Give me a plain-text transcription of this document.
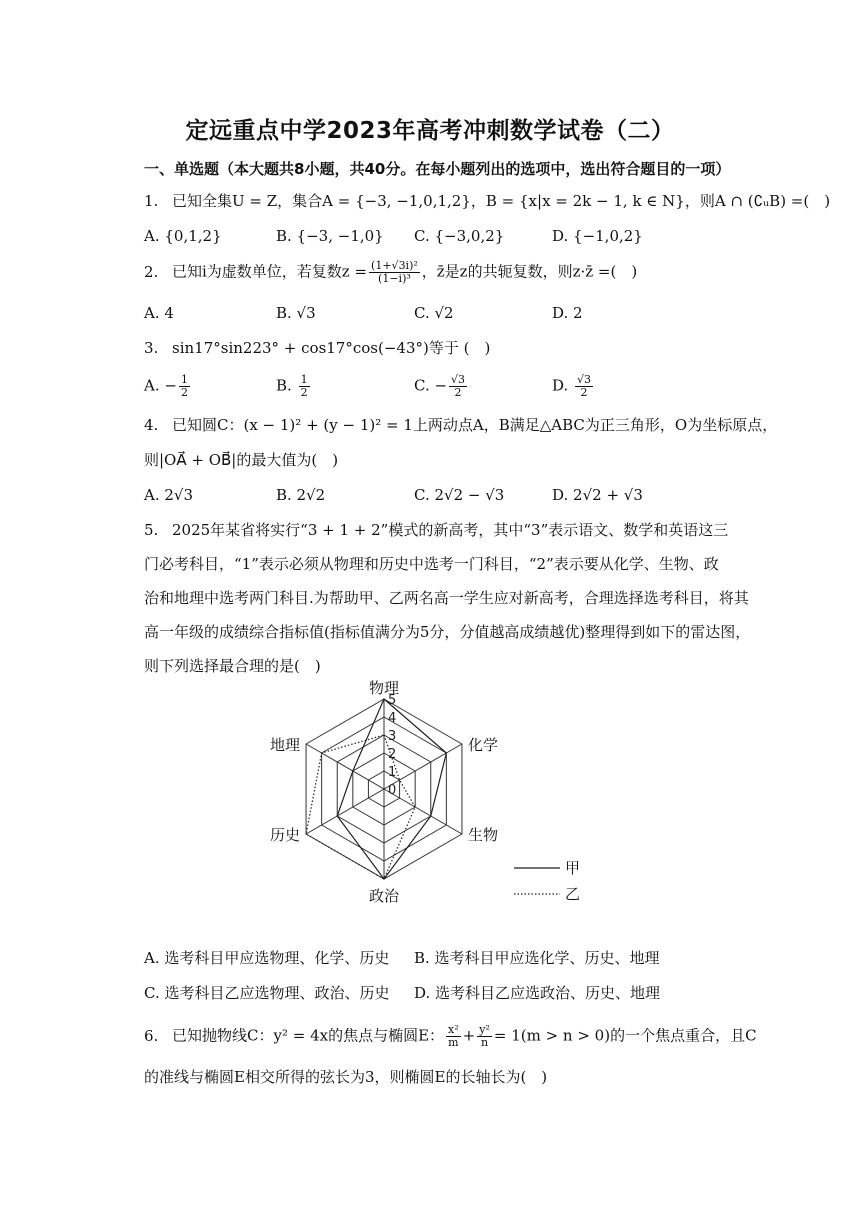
定远重点中学2023年高考冲刺数学试卷（二）
一、单选题（本大题共8小题，共40分。在每小题列出的选项中，选出符合题目的一项）
1. 已知全集U = Z，集合A = {−3, −1,0,1,2}，B = {x|x = 2k − 1, k ∈ N}，则A ∩ (∁ᵤB) =(　)
A. {0,1,2}	B. {−3, −1,0} C. {−3,0,2}	D. {−1,0,2}
2. 已知i为虚数单位，若复数$z = \frac{\text{(1+√3i)²}}{\text{(1−i)³}}$ ，z̄是z的共轭复数，则z·z̄ =(　)
A. 4	B. √3	C. √2	D. 2
3. sin17°sin223° + cos17°cos(−43°)等于 (　)
A. − $\frac{1}{2}$	B. $\frac{1}{2}$	C. − $\frac{√3}{2}$	D. $\frac{√3}{2}$
4. 已知圆C：(x − 1)² + (y − 1)² = 1上两动点A，B满足△ABC为正三角形，O为坐标原点，
则|OA⃗ + OB⃗|的最大值为(　)
A. 2√3	B. 2√2	C. 2√2 − √3	D. 2√2 + √3
5. 2025年某省将实行“3 + 1 + 2”模式的新高考，其中“3”表示语文、数学和英语这三
门必考科目，“1”表示必须从物理和历史中选考一门科目，“2”表示要从化学、生物、政
治和地理中选考两门科目.为帮助甲、乙两名高一学生应对新高考，合理选择选考科目，将其
高一年级的成绩综合指标值(指标值满分为5分，分值越高成绩越优)整理得到如下的雷达图，
则下列选择最合理的是(　)
0
1
2
3
4
5
物理
化学
生物
政治
历史
地理
甲
乙
A. 选考科目甲应选物理、化学、历史 B. 选考科目甲应选化学、历史、地理
C. 选考科目乙应选物理、政治、历史 D. 选考科目乙应选政治、历史、地理
6. 已知抛物线C：y² = 4x的焦点与椭圆E： $\frac{\text{x²}}{m} + \frac{\text{y²}}{n} = 1(m > n > 0)$的一个焦点重合，且C
的准线与椭圆E相交所得的弦长为3，则椭圆E的长轴长为(　)
